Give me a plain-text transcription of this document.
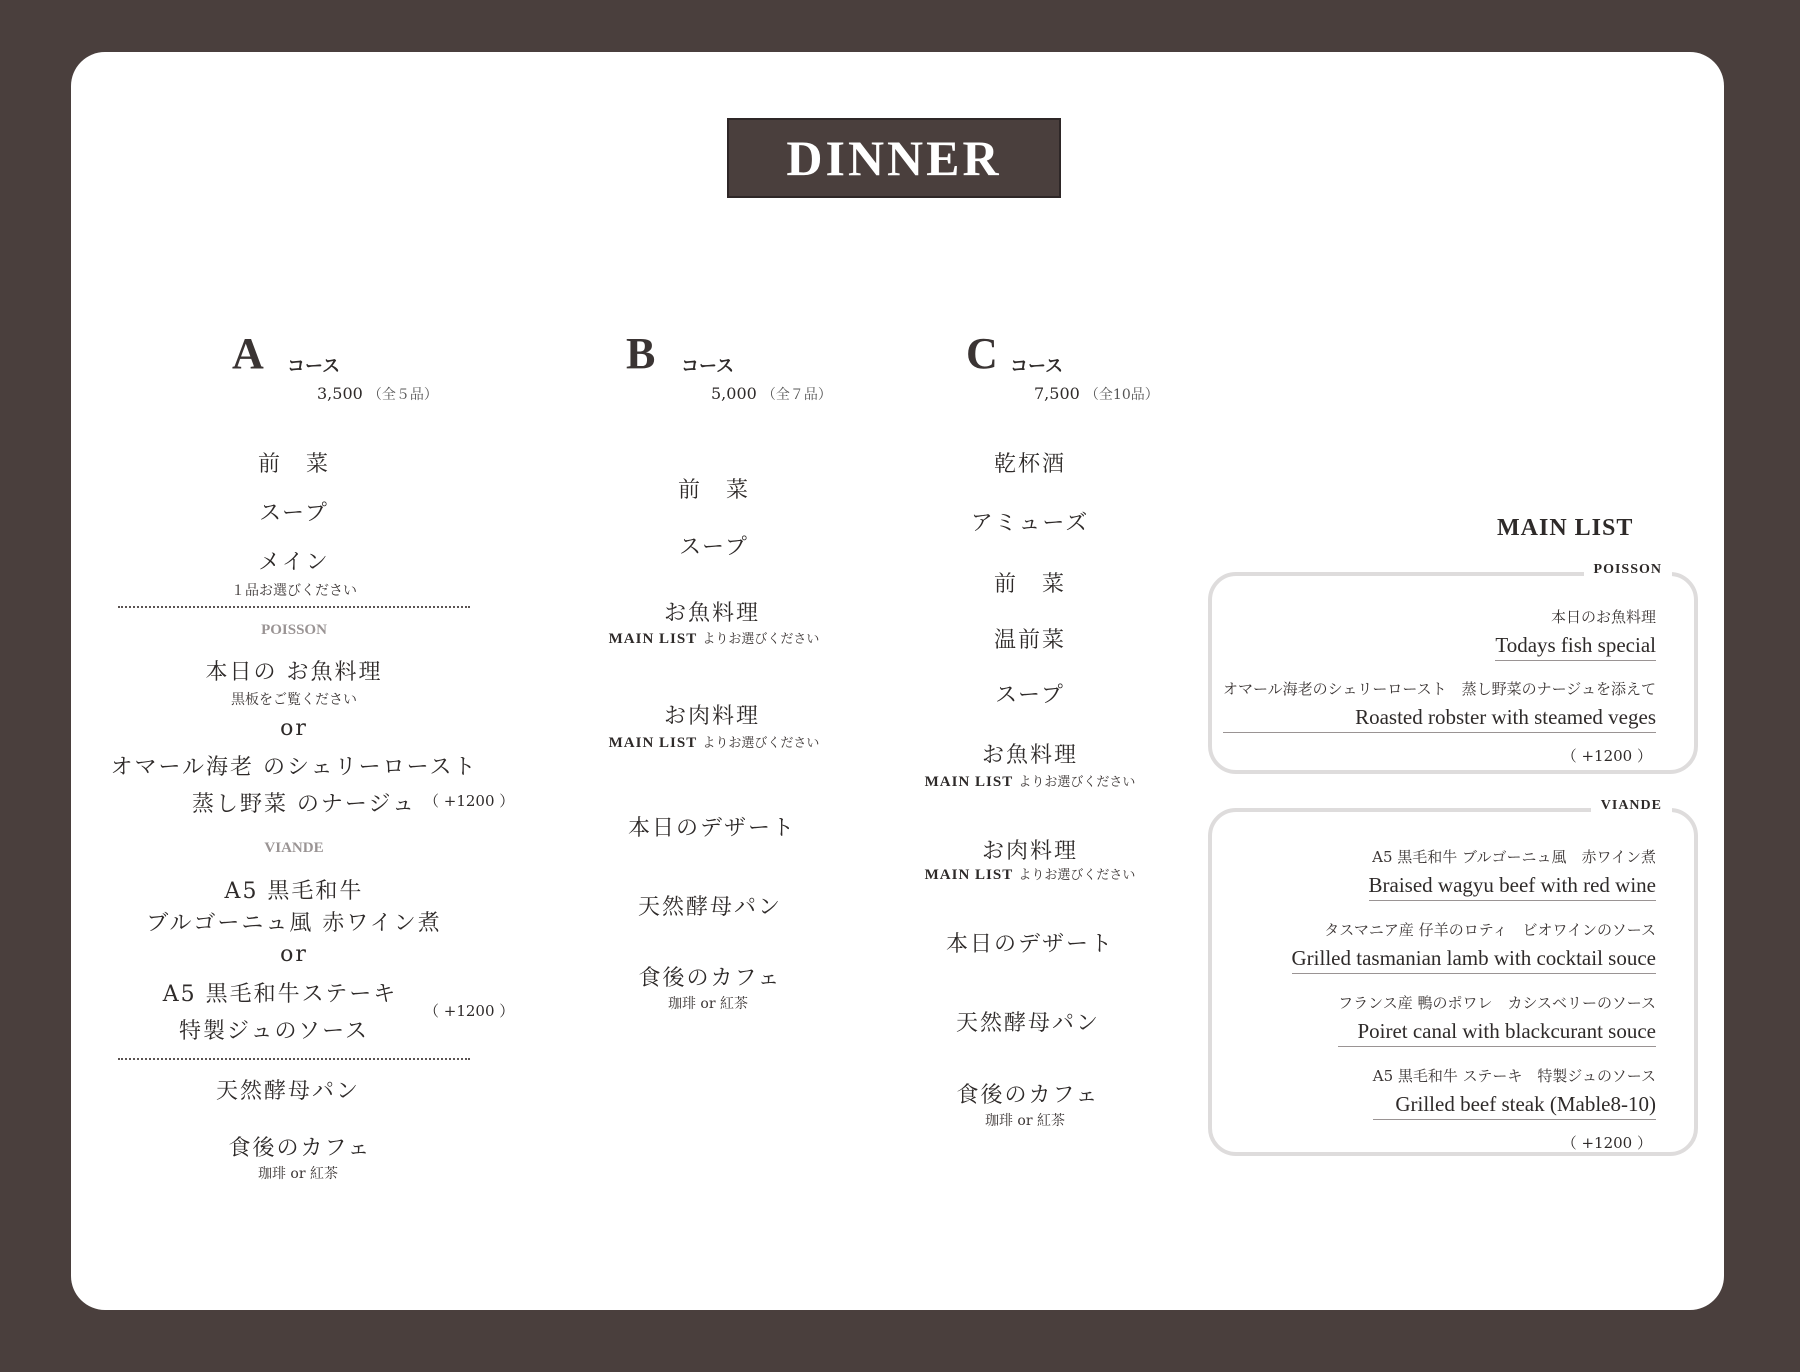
DINNER
A コース
3,500 （全５品）
前　菜
スープ
メイン
１品お選びください
POISSON
本日の お魚料理
黒板をご覧ください
or
オマール海老 のシェリーロースト
蒸し野菜 のナージュ （ +1200 ）
VIANDE
A5 黒毛和牛
ブルゴーニュ風 赤ワイン煮
or
A5 黒毛和牛ステーキ
特製ジュのソース
（ +1200 ）
天然酵母パン
食後のカフェ
珈琲 or 紅茶
B コース
5,000 （全７品）
前　菜
スープ
お魚料理
MAIN LIST よりお選びください
お肉料理
MAIN LIST よりお選びください
本日のデザート
天然酵母パン
食後のカフェ
珈琲 or 紅茶
C コース
7,500 （全10品）
乾杯酒
アミューズ
前　菜
温前菜
スープ
お魚料理
MAIN LIST よりお選びください
お肉料理
MAIN LIST よりお選びください
本日のデザート
天然酵母パン
食後のカフェ
珈琲 or 紅茶
MAIN LIST
POISSON
本日のお魚料理
Todays fish special
オマール海老のシェリーロースト　蒸し野菜のナージュを添えて
Roasted robster with steamed veges
（ +1200 ）
VIANDE
A5 黒毛和牛 ブルゴーニュ風　赤ワイン煮
Braised wagyu beef with red wine
タスマニア産 仔羊のロティ　ビオワインのソース
Grilled tasmanian lamb with cocktail souce
フランス産 鴨のポワレ　カシスベリーのソース
Poiret canal with blackcurant souce
A5 黒毛和牛 ステーキ　特製ジュのソース
Grilled beef steak (Mable8-10)
（ +1200 ）
